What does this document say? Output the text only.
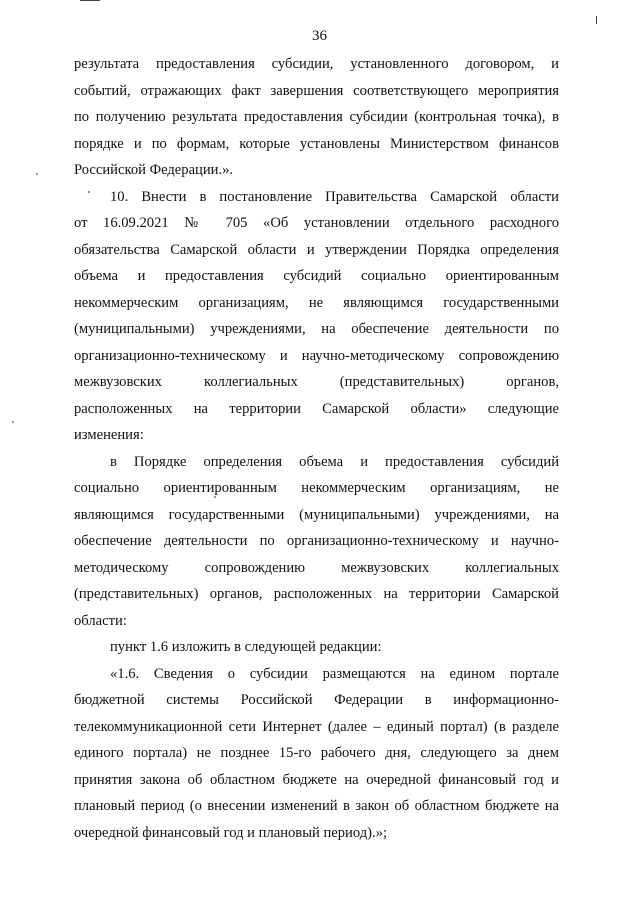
36
результата предоставления субсидии, установленного договором, и
событий, отражающих факт завершения соответствующего мероприятия
по получению результата предоставления субсидии (контрольная точка), в
порядке и по формам, которые установлены Министерством финансов
Российской Федерации.».
10. Внести в постановление Правительства Самарской области
от 16.09.2021 № 705 «Об установлении отдельного расходного
обязательства Самарской области и утверждении Порядка определения
объема и предоставления субсидий социально ориентированным
некоммерческим организациям, не являющимся государственными
(муниципальными) учреждениями, на обеспечение деятельности по
организационно-техническому и научно-методическому сопровождению
межвузовских коллегиальных (представительных) органов,
расположенных на территории Самарской области» следующие
изменения:
в Порядке определения объема и предоставления субсидий
социально ориентированным некоммерческим организациям, не
являющимся государственными (муниципальными) учреждениями, на
обеспечение деятельности по организационно-техническому и научно-
методическому сопровождению межвузовских коллегиальных
(представительных) органов, расположенных на территории Самарской
области:
пункт 1.6 изложить в следующей редакции:
«1.6. Сведения о субсидии размещаются на едином портале
бюджетной системы Российской Федерации в информационно-
телекоммуникационной сети Интернет (далее – единый портал) (в разделе
единого портала) не позднее 15-го рабочего дня, следующего за днем
принятия закона об областном бюджете на очередной финансовый год и
плановый период (о внесении изменений в закон об областном бюджете на
очередной финансовый год и плановый период).»;
